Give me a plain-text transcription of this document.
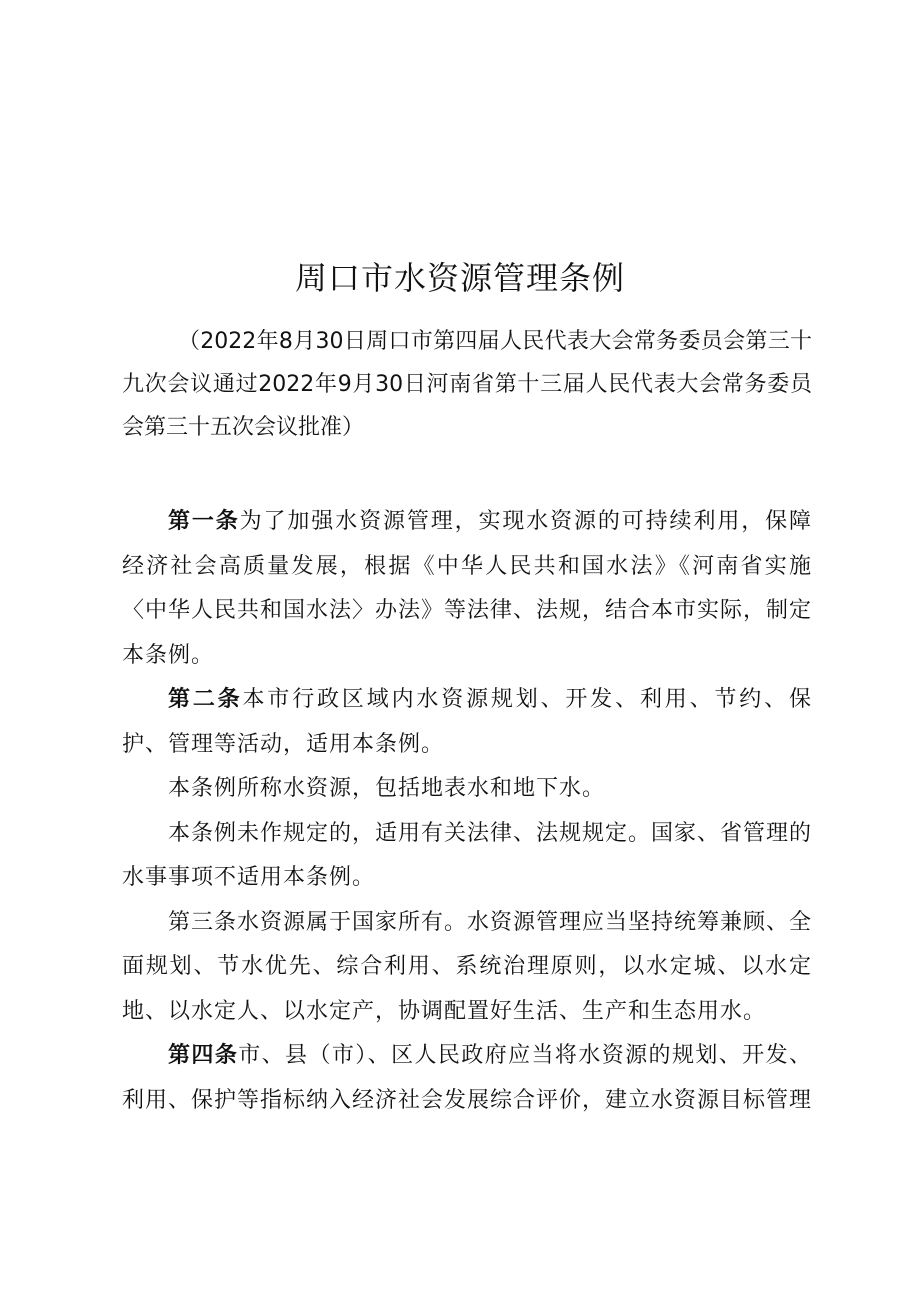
周口市水资源管理条例

（2022年8月30日周口市第四届人民代表大会常务委员会第三十九次会议通过2022年9月30日河南省第十三届人民代表大会常务委员会第三十五次会议批准）

第一条为了加强水资源管理，实现水资源的可持续利用，保障经济社会高质量发展，根据《中华人民共和国水法》《河南省实施〈中华人民共和国水法〉办法》等法律、法规，结合本市实际，制定本条例。

第二条本市行政区域内水资源规划、开发、利用、节约、保护、管理等活动，适用本条例。

本条例所称水资源，包括地表水和地下水。

本条例未作规定的，适用有关法律、法规规定。国家、省管理的水事事项不适用本条例。

第三条水资源属于国家所有。水资源管理应当坚持统筹兼顾、全面规划、节水优先、综合利用、系统治理原则，以水定城、以水定地、以水定人、以水定产，协调配置好生活、生产和生态用水。

第四条市、县（市）、区人民政府应当将水资源的规划、开发、利用、保护等指标纳入经济社会发展综合评价，建立水资源目标管理
